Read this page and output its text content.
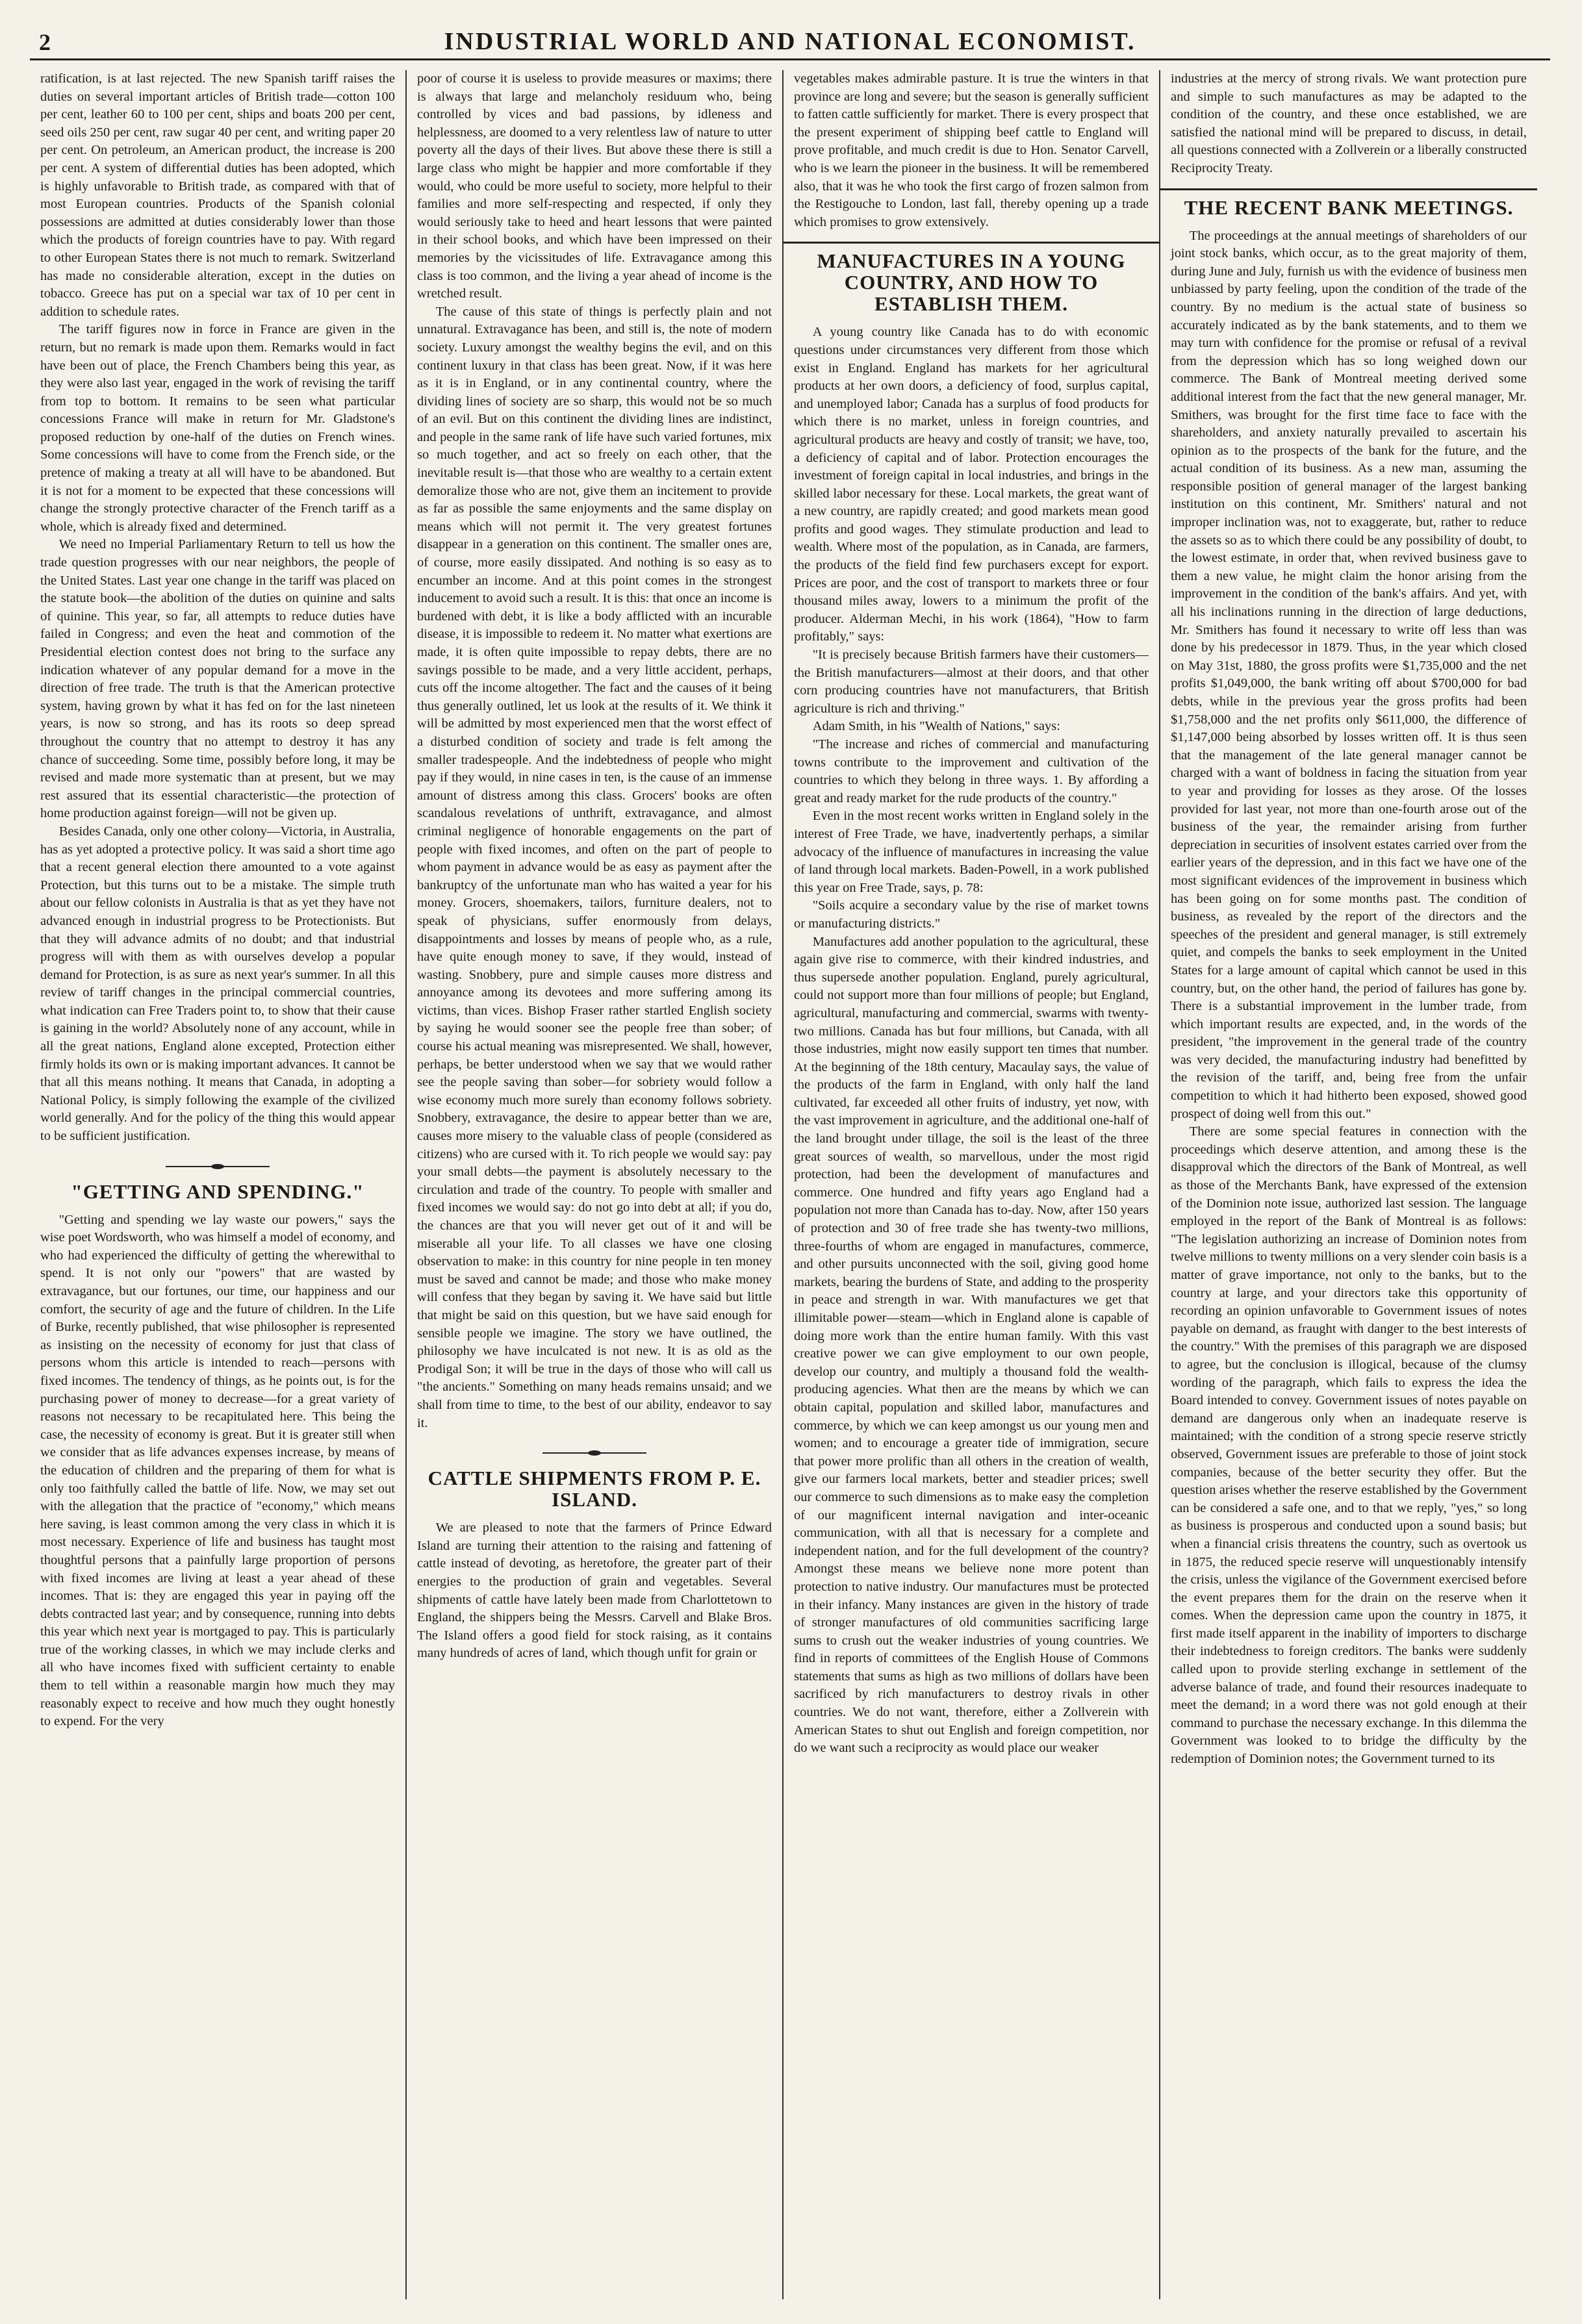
2	INDUSTRIAL WORLD AND NATIONAL ECONOMIST.

ratification, is at last rejected. The new Spanish tariff raises the duties on several important articles of British trade—cotton 100 per cent, leather 60 to 100 per cent, ships and boats 200 per cent, seed oils 250 per cent, raw sugar 40 per cent, and writing paper 20 per cent. On petroleum, an American product, the increase is 200 per cent. A system of differential duties has been adopted, which is highly unfavorable to British trade, as compared with that of most European countries. Products of the Spanish colonial possessions are admitted at duties considerably lower than those which the products of foreign countries have to pay. With regard to other European States there is not much to remark. Switzerland has made no considerable alteration, except in the duties on tobacco. Greece has put on a special war tax of 10 per cent in addition to schedule rates.

The tariff figures now in force in France are given in the return, but no remark is made upon them. Remarks would in fact have been out of place, the French Chambers being this year, as they were also last year, engaged in the work of revising the tariff from top to bottom. It remains to be seen what particular concessions France will make in return for Mr. Gladstone's proposed reduction by one-half of the duties on French wines. Some concessions will have to come from the French side, or the pretence of making a treaty at all will have to be abandoned. But it is not for a moment to be expected that these concessions will change the strongly protective character of the French tariff as a whole, which is already fixed and determined.

We need no Imperial Parliamentary Return to tell us how the trade question progresses with our near neighbors, the people of the United States. Last year one change in the tariff was placed on the statute book—the abolition of the duties on quinine and salts of quinine. This year, so far, all attempts to reduce duties have failed in Congress; and even the heat and commotion of the Presidential election contest does not bring to the surface any indication whatever of any popular demand for a move in the direction of free trade. The truth is that the American protective system, having grown by what it has fed on for the last nineteen years, is now so strong, and has its roots so deep spread throughout the country that no attempt to destroy it has any chance of succeeding. Some time, possibly before long, it may be revised and made more systematic than at present, but we may rest assured that its essential characteristic—the protection of home production against foreign—will not be given up.

Besides Canada, only one other colony—Victoria, in Australia, has as yet adopted a protective policy. It was said a short time ago that a recent general election there amounted to a vote against Protection, but this turns out to be a mistake. The simple truth about our fellow colonists in Australia is that as yet they have not advanced enough in industrial progress to be Protectionists. But that they will advance admits of no doubt; and that industrial progress will with them as with ourselves develop a popular demand for Protection, is as sure as next year's summer. In all this review of tariff changes in the principal commercial countries, what indication can Free Traders point to, to show that their cause is gaining in the world? Absolutely none of any account, while in all the great nations, England alone excepted, Protection either firmly holds its own or is making important advances. It cannot be that all this means nothing. It means that Canada, in adopting a National Policy, is simply following the example of the civilized world generally. And for the policy of the thing this would appear to be sufficient justification.

"GETTING AND SPENDING."

"Getting and spending we lay waste our powers," says the wise poet Wordsworth, who was himself a model of economy, and who had experienced the difficulty of getting the wherewithal to spend. It is not only our "powers" that are wasted by extravagance, but our fortunes, our time, our happiness and our comfort, the security of age and the future of children. In the Life of Burke, recently published, that wise philosopher is represented as insisting on the necessity of economy for just that class of persons whom this article is intended to reach—persons with fixed incomes. The tendency of things, as he points out, is for the purchasing power of money to decrease—for a great variety of reasons not necessary to be recapitulated here. This being the case, the necessity of economy is great. But it is greater still when we consider that as life advances expenses increase, by means of the education of children and the preparing of them for what is only too faithfully called the battle of life. Now, we may set out with the allegation that the practice of "economy," which means here saving, is least common among the very class in which it is most necessary. Experience of life and business has taught most thoughtful persons that a painfully large proportion of persons with fixed incomes are living at least a year ahead of these incomes. That is: they are engaged this year in paying off the debts contracted last year; and by consequence, running into debts this year which next year is mortgaged to pay. This is particularly true of the working classes, in which we may include clerks and all who have incomes fixed with sufficient certainty to enable them to tell within a reasonable margin how much they may reasonably expect to receive and how much they ought honestly to expend. For the very

poor of course it is useless to provide measures or maxims; there is always that large and melancholy residuum who, being controlled by vices and bad passions, by idleness and helplessness, are doomed to a very relentless law of nature to utter poverty all the days of their lives. But above these there is still a large class who might be happier and more comfortable if they would, who could be more useful to society, more helpful to their families and more self-respecting and respected, if only they would seriously take to heed and heart lessons that were painted in their school books, and which have been impressed on their memories by the vicissitudes of life. Extravagance among this class is too common, and the living a year ahead of income is the wretched result.

The cause of this state of things is perfectly plain and not unnatural. Extravagance has been, and still is, the note of modern society. Luxury amongst the wealthy begins the evil, and on this continent luxury in that class has been great. Now, if it was here as it is in England, or in any continental country, where the dividing lines of society are so sharp, this would not be so much of an evil. But on this continent the dividing lines are indistinct, and people in the same rank of life have such varied fortunes, mix so much together, and act so freely on each other, that the inevitable result is—that those who are wealthy to a certain extent demoralize those who are not, give them an incitement to provide as far as possible the same enjoyments and the same display on means which will not permit it. The very greatest fortunes disappear in a generation on this continent. The smaller ones are, of course, more easily dissipated. And nothing is so easy as to encumber an income. And at this point comes in the strongest inducement to avoid such a result. It is this: that once an income is burdened with debt, it is like a body afflicted with an incurable disease, it is impossible to redeem it. No matter what exertions are made, it is often quite impossible to repay debts, there are no savings possible to be made, and a very little accident, perhaps, cuts off the income altogether. The fact and the causes of it being thus generally outlined, let us look at the results of it. We think it will be admitted by most experienced men that the worst effect of a disturbed condition of society and trade is felt among the smaller tradespeople. And the indebtedness of people who might pay if they would, in nine cases in ten, is the cause of an immense amount of distress among this class. Grocers' books are often scandalous revelations of unthrift, extravagance, and almost criminal negligence of honorable engagements on the part of people with fixed incomes, and often on the part of people to whom payment in advance would be as easy as payment after the bankruptcy of the unfortunate man who has waited a year for his money. Grocers, shoemakers, tailors, furniture dealers, not to speak of physicians, suffer enormously from delays, disappointments and losses by means of people who, as a rule, have quite enough money to save, if they would, instead of wasting. Snobbery, pure and simple causes more distress and annoyance among its devotees and more suffering among its victims, than vices. Bishop Fraser rather startled English society by saying he would sooner see the people free than sober; of course his actual meaning was misrepresented. We shall, however, perhaps, be better understood when we say that we would rather see the people saving than sober—for sobriety would follow a wise economy much more surely than economy follows sobriety. Snobbery, extravagance, the desire to appear better than we are, causes more misery to the valuable class of people (considered as citizens) who are cursed with it. To rich people we would say: pay your small debts—the payment is absolutely necessary to the circulation and trade of the country. To people with smaller and fixed incomes we would say: do not go into debt at all; if you do, the chances are that you will never get out of it and will be miserable all your life. To all classes we have one closing observation to make: in this country for nine people in ten money must be saved and cannot be made; and those who make money will confess that they began by saving it. We have said but little that might be said on this question, but we have said enough for sensible people we imagine. The story we have outlined, the philosophy we have inculcated is not new. It is as old as the Prodigal Son; it will be true in the days of those who will call us "the ancients." Something on many heads remains unsaid; and we shall from time to time, to the best of our ability, endeavor to say it.

CATTLE SHIPMENTS FROM P. E. ISLAND.

We are pleased to note that the farmers of Prince Edward Island are turning their attention to the raising and fattening of cattle instead of devoting, as heretofore, the greater part of their energies to the production of grain and vegetables. Several shipments of cattle have lately been made from Charlottetown to England, the shippers being the Messrs. Carvell and Blake Bros. The Island offers a good field for stock raising, as it contains many hundreds of acres of land, which though unfit for grain or

vegetables makes admirable pasture. It is true the winters in that province are long and severe; but the season is generally sufficient to fatten cattle sufficiently for market. There is every prospect that the present experiment of shipping beef cattle to England will prove profitable, and much credit is due to Hon. Senator Carvell, who is we learn the pioneer in the business. It will be remembered also, that it was he who took the first cargo of frozen salmon from the Restigouche to London, last fall, thereby opening up a trade which promises to grow extensively.

MANUFACTURES IN A YOUNG COUNTRY, AND HOW TO ESTABLISH THEM.

A young country like Canada has to do with economic questions under circumstances very different from those which exist in England. England has markets for her agricultural products at her own doors, a deficiency of food, surplus capital, and unemployed labor; Canada has a surplus of food products for which there is no market, unless in foreign countries, and agricultural products are heavy and costly of transit; we have, too, a deficiency of capital and of labor. Protection encourages the investment of foreign capital in local industries, and brings in the skilled labor necessary for these. Local markets, the great want of a new country, are rapidly created; and good markets mean good profits and good wages. They stimulate production and lead to wealth. Where most of the population, as in Canada, are farmers, the products of the field find few purchasers except for export. Prices are poor, and the cost of transport to markets three or four thousand miles away, lowers to a minimum the profit of the producer. Alderman Mechi, in his work (1864), "How to farm profitably," says:

"It is precisely because British farmers have their customers—the British manufacturers—almost at their doors, and that other corn producing countries have not manufacturers, that British agriculture is rich and thriving."

Adam Smith, in his "Wealth of Nations," says:

"The increase and riches of commercial and manufacturing towns contribute to the improvement and cultivation of the countries to which they belong in three ways. 1. By affording a great and ready market for the rude products of the country."

Even in the most recent works written in England solely in the interest of Free Trade, we have, inadvertently perhaps, a similar advocacy of the influence of manufactures in increasing the value of land through local markets. Baden-Powell, in a work published this year on Free Trade, says, p. 78:

"Soils acquire a secondary value by the rise of market towns or manufacturing districts."

Manufactures add another population to the agricultural, these again give rise to commerce, with their kindred industries, and thus supersede another population. England, purely agricultural, could not support more than four millions of people; but England, agricultural, manufacturing and commercial, swarms with twenty-two millions. Canada has but four millions, but Canada, with all those industries, might now easily support ten times that number. At the beginning of the 18th century, Macaulay says, the value of the products of the farm in England, with only half the land cultivated, far exceeded all other fruits of industry, yet now, with the vast improvement in agriculture, and the additional one-half of the land brought under tillage, the soil is the least of the three great sources of wealth, so marvellous, under the most rigid protection, had been the development of manufactures and commerce. One hundred and fifty years ago England had a population not more than Canada has to-day. Now, after 150 years of protection and 30 of free trade she has twenty-two millions, three-fourths of whom are engaged in manufactures, commerce, and other pursuits unconnected with the soil, giving good home markets, bearing the burdens of State, and adding to the prosperity in peace and strength in war. With manufactures we get that illimitable power—steam—which in England alone is capable of doing more work than the entire human family. With this vast creative power we can give employment to our own people, develop our country, and multiply a thousand fold the wealth-producing agencies. What then are the means by which we can obtain capital, population and skilled labor, manufactures and commerce, by which we can keep amongst us our young men and women; and to encourage a greater tide of immigration, secure that power more prolific than all others in the creation of wealth, give our farmers local markets, better and steadier prices; swell our commerce to such dimensions as to make easy the completion of our magnificent internal navigation and inter-oceanic communication, with all that is necessary for a complete and independent nation, and for the full development of the country? Amongst these means we believe none more potent than protection to native industry. Our manufactures must be protected in their infancy. Many instances are given in the history of trade of stronger manufactures of old communities sacrificing large sums to crush out the weaker industries of young countries. We find in reports of committees of the English House of Commons statements that sums as high as two millions of dollars have been sacrificed by rich manufacturers to destroy rivals in other countries. We do not want, therefore, either a Zollverein with American States to shut out English and foreign competition, nor do we want such a reciprocity as would place our weaker

industries at the mercy of strong rivals. We want protection pure and simple to such manufactures as may be adapted to the condition of the country, and these once established, we are satisfied the national mind will be prepared to discuss, in detail, all questions connected with a Zollverein or a liberally constructed Reciprocity Treaty.

THE RECENT BANK MEETINGS.

The proceedings at the annual meetings of shareholders of our joint stock banks, which occur, as to the great majority of them, during June and July, furnish us with the evidence of business men unbiassed by party feeling, upon the condition of the trade of the country. By no medium is the actual state of business so accurately indicated as by the bank statements, and to them we may turn with confidence for the promise or refusal of a revival from the depression which has so long weighed down our commerce. The Bank of Montreal meeting derived some additional interest from the fact that the new general manager, Mr. Smithers, was brought for the first time face to face with the shareholders, and anxiety naturally prevailed to ascertain his opinion as to the prospects of the bank for the future, and the actual condition of its business. As a new man, assuming the responsible position of general manager of the largest banking institution on this continent, Mr. Smithers' natural and not improper inclination was, not to exaggerate, but, rather to reduce the assets so as to which there could be any possibility of doubt, to the lowest estimate, in order that, when revived business gave to them a new value, he might claim the honor arising from the improvement in the condition of the bank's affairs. And yet, with all his inclinations running in the direction of large deductions, Mr. Smithers has found it necessary to write off less than was done by his predecessor in 1879. Thus, in the year which closed on May 31st, 1880, the gross profits were $1,735,000 and the net profits $1,049,000, the bank writing off about $700,000 for bad debts, while in the previous year the gross profits had been $1,758,000 and the net profits only $611,000, the difference of $1,147,000 being absorbed by losses written off. It is thus seen that the management of the late general manager cannot be charged with a want of boldness in facing the situation from year to year and providing for losses as they arose. Of the losses provided for last year, not more than one-fourth arose out of the business of the year, the remainder arising from further depreciation in securities of insolvent estates carried over from the earlier years of the depression, and in this fact we have one of the most significant evidences of the improvement in business which has been going on for some months past. The condition of business, as revealed by the report of the directors and the speeches of the president and general manager, is still extremely quiet, and compels the banks to seek employment in the United States for a large amount of capital which cannot be used in this country, but, on the other hand, the period of failures has gone by. There is a substantial improvement in the lumber trade, from which important results are expected, and, in the words of the president, "the improvement in the general trade of the country was very decided, the manufacturing industry had benefitted by the revision of the tariff, and, being free from the unfair competition to which it had hitherto been exposed, showed good prospect of doing well from this out."

There are some special features in connection with the proceedings which deserve attention, and among these is the disapproval which the directors of the Bank of Montreal, as well as those of the Merchants Bank, have expressed of the extension of the Dominion note issue, authorized last session. The language employed in the report of the Bank of Montreal is as follows: "The legislation authorizing an increase of Dominion notes from twelve millions to twenty millions on a very slender coin basis is a matter of grave importance, not only to the banks, but to the country at large, and your directors take this opportunity of recording an opinion unfavorable to Government issues of notes payable on demand, as fraught with danger to the best interests of the country." With the premises of this paragraph we are disposed to agree, but the conclusion is illogical, because of the clumsy wording of the paragraph, which fails to express the idea the Board intended to convey. Government issues of notes payable on demand are dangerous only when an inadequate reserve is maintained; with the condition of a strong specie reserve strictly observed, Government issues are preferable to those of joint stock companies, because of the better security they offer. But the question arises whether the reserve established by the Government can be considered a safe one, and to that we reply, "yes," so long as business is prosperous and conducted upon a sound basis; but when a financial crisis threatens the country, such as overtook us in 1875, the reduced specie reserve will unquestionably intensify the crisis, unless the vigilance of the Government exercised before the event prepares them for the drain on the reserve when it comes. When the depression came upon the country in 1875, it first made itself apparent in the inability of importers to discharge their indebtedness to foreign creditors. The banks were suddenly called upon to provide sterling exchange in settlement of the adverse balance of trade, and found their resources inadequate to meet the demand; in a word there was not gold enough at their command to purchase the necessary exchange. In this dilemma the Government was looked to to bridge the difficulty by the redemption of Dominion notes; the Government turned to its
